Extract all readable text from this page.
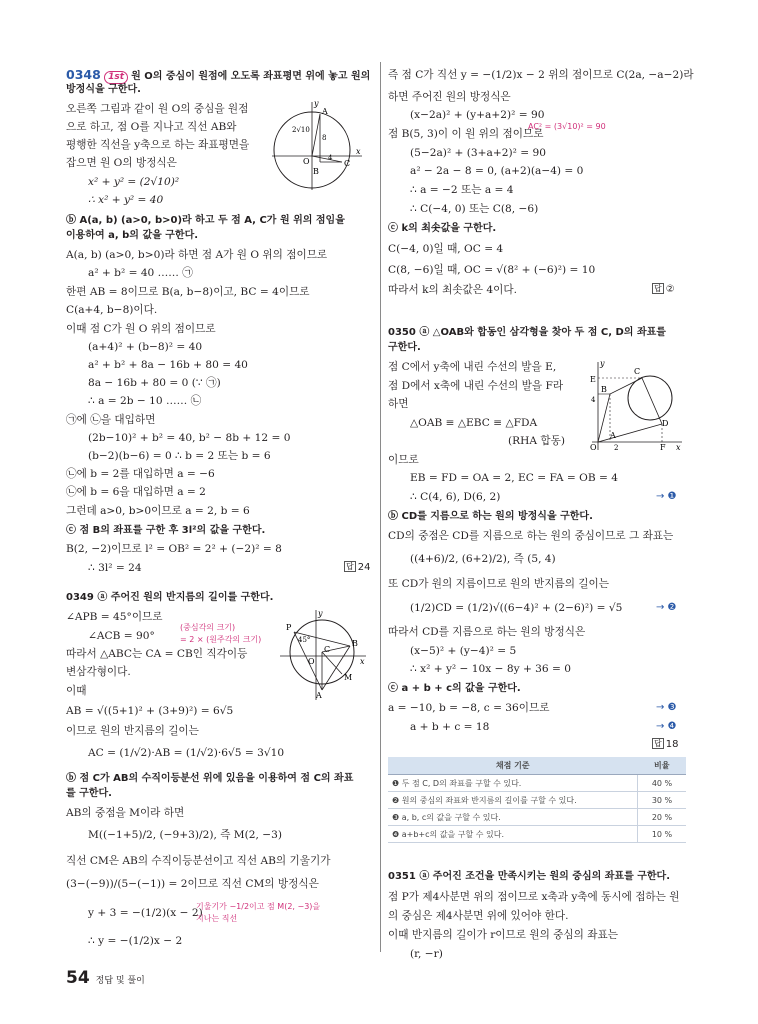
0348 1st 원 O의 중심이 원점에 오도록 좌표평면 위에 놓고 원의
방정식을 구한다.
오른쪽 그림과 같이 원 O의 중심을 원점
으로 하고, 점 O를 지나고 직선 AB와
평행한 직선을 y축으로 하는 좌표평면을
잡으면 원 O의 방정식은
x² + y² = (2√10)²
∴ x² + y² = 40
ⓑ A(a, b) (a>0, b>0)라 하고 두 점 A, C가 원 위의 점임을
이용하여 a, b의 값을 구한다.
A(a, b) (a>0, b>0)라 하면 점 A가 원 O 위의 점이므로
a² + b² = 40 …… ㉠
한편 AB = 8이므로 B(a, b−8)이고, BC = 4이므로
C(a+4, b−8)이다.
이때 점 C가 원 O 위의 점이므로
(a+4)² + (b−8)² = 40
a² + b² + 8a − 16b + 80 = 40
8a − 16b + 80 = 0 (∵ ㉠)
∴ a = 2b − 10 …… ㉡
㉠에 ㉡을 대입하면
(2b−10)² + b² = 40, b² − 8b + 12 = 0
(b−2)(b−6) = 0 ∴ b = 2 또는 b = 6
㉡에 b = 2를 대입하면 a = −6
㉡에 b = 6을 대입하면 a = 2
그런데 a>0, b>0이므로 a = 2, b = 6
ⓒ 점 B의 좌표를 구한 후 3l²의 값을 구한다.
B(2, −2)이므로 l² = OB² = 2² + (−2)² = 8
∴ 3l² = 24	답 24
0349 ⓐ 주어진 원의 반지름의 길이를 구한다.
∠APB = 45°이므로
∠ACB = 90°
(중심각의 크기)
= 2 × (원주각의 크기)
따라서 △ABC는 CA = CB인 직각이등
변삼각형이다.
이때
AB = √((5+1)² + (3+9)²) = 6√5
이므로 원의 반지름의 길이는
AC = (1/√2)·AB = (1/√2)·6√5 = 3√10
ⓑ 점 C가 AB의 수직이등분선 위에 있음을 이용하여 점 C의 좌표
를 구한다.
AB의 중점을 M이라 하면
M((−1+5)/2, (−9+3)/2), 즉 M(2, −3)
직선 CM은 AB의 수직이등분선이고 직선 AB의 기울기가
(3−(−9))/(5−(−1)) = 2이므로 직선 CM의 방정식은
y + 3 = −(1/2)(x − 2)
기울기가 −1/2이고 점 M(2, −3)을
지나는 직선
∴ y = −(1/2)x − 2
y
A
2√10
8
O
B
4
C
x
y
P
45°	B
C
O	x
M
A
즉 점 C가 직선 y = −(1/2)x − 2 위의 점이므로 C(2a, −a−2)라
하면 주어진 원의 방정식은
(x−2a)² + (y+a+2)² = 90
AC² = (3√10)² = 90
점 B(5, 3)이 이 원 위의 점이므로
(5−2a)² + (3+a+2)² = 90
a² − 2a − 8 = 0, (a+2)(a−4) = 0
∴ a = −2 또는 a = 4
∴ C(−4, 0) 또는 C(8, −6)
ⓒ k의 최솟값을 구한다.
C(−4, 0)일 때, OC = 4
C(8, −6)일 때, OC = √(8² + (−6)²) = 10
따라서 k의 최솟값은 4이다.	답 ②
0350 ⓐ △OAB와 합동인 삼각형을 찾아 두 점 C, D의 좌표를
구한다.
점 C에서 y축에 내린 수선의 발을 E,
점 D에서 x축에 내린 수선의 발을 F라
하면
△OAB ≡ △EBC ≡ △FDA
(RHA 합동)
이므로
EB = FD = OA = 2, EC = FA = OB = 4
∴ C(4, 6), D(6, 2)	→ ❶
ⓑ CD를 지름으로 하는 원의 방정식을 구한다.
CD의 중점은 CD를 지름으로 하는 원의 중심이므로 그 좌표는
((4+6)/2, (6+2)/2), 즉 (5, 4)
또 CD가 원의 지름이므로 원의 반지름의 길이는
(1/2)CD = (1/2)√((6−4)² + (2−6)²) = √5	→ ❷
따라서 CD를 지름으로 하는 원의 방정식은
(x−5)² + (y−4)² = 5
∴ x² + y² − 10x − 8y + 36 = 0
ⓒ a + b + c의 값을 구한다.
a = −10, b = −8, c = 36이므로	→ ❸
a + b + c = 18	→ ❹
답 18
0351 ⓐ 주어진 조건을 만족시키는 원의 중심의 좌표를 구한다.
점 P가 제4사분면 위의 점이므로 x축과 y축에 동시에 접하는 원
의 중심은 제4사분면 위에 있어야 한다.
이때 반지름의 길이가 r이므로 원의 중심의 좌표는
(r, −r)
y
E
C
B
4
D
O 2	F x
A
채점 기준	비율
❶ 두 점 C, D의 좌표를 구할 수 있다.	40 %
❷ 원의 중심의 좌표와 반지름의 길이를 구할 수 있다.	30 %
❸ a, b, c의 값을 구할 수 있다.	20 %
❹ a+b+c의 값을 구할 수 있다.	10 %
54 정답 및 풀이
